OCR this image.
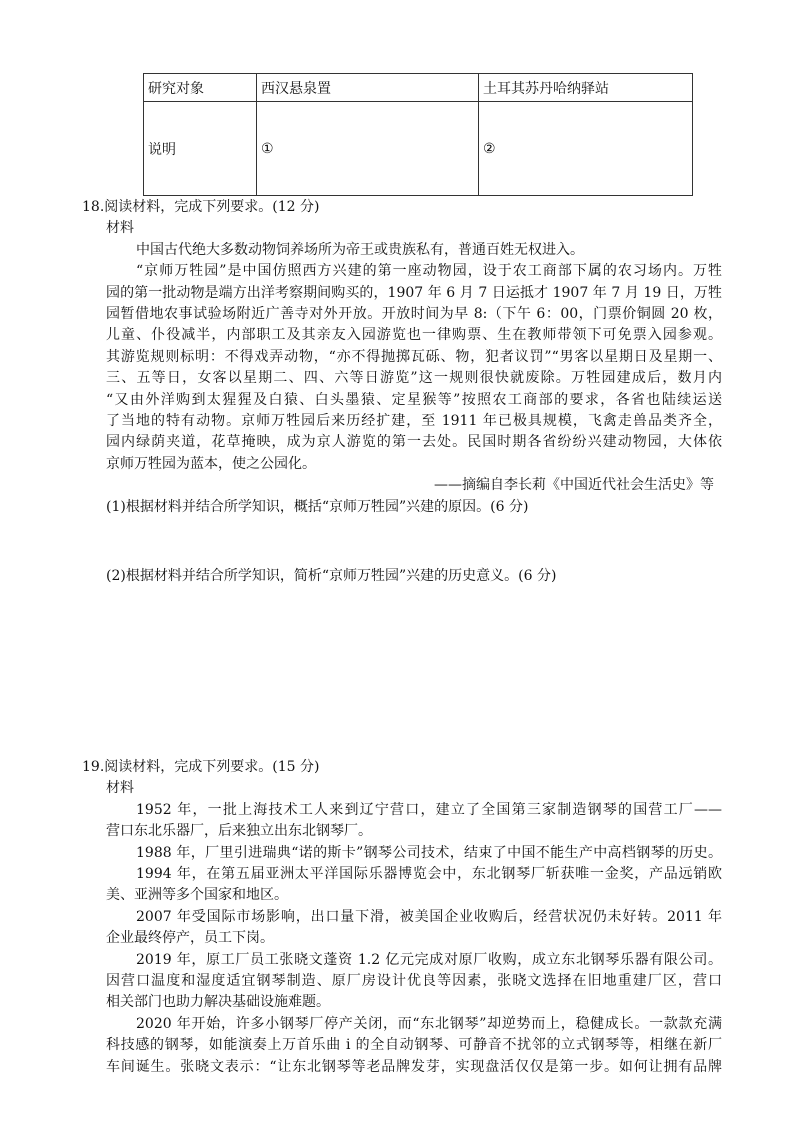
研究对象	西汉悬泉置	土耳其苏丹哈纳驿站
说明	①	②
18.阅读材料，完成下列要求。(12 分)
材料
中国古代绝大多数动物饲养场所为帝王或贵族私有，普通百姓无权进入。
“京师万牲园”是中国仿照西方兴建的第一座动物园，设于农工商部下属的农习场内。万牲
园的第一批动物是端方出洋考察期间购买的，1907 年 6 月 7 日运抵才 1907 年 7 月 19 日，万牲
园暂借地农事试验场附近广善寺对外开放。开放时间为早 8:（下午 6：00，门票价铜圆 20 枚，
儿童、仆役减半，内部职工及其亲友入园游览也一律购票、生在教师带领下可免票入园参观。
其游览规则标明：不得戏弄动物，“亦不得抛掷瓦砾、物，犯者议罚”“男客以星期日及星期一、
三、五等日，女客以星期二、四、六等日游览”这一规则很快就废除。万牲园建成后，数月内
“又由外洋购到太猩猩及白猿、白头墨猿、定星猴等”按照农工商部的要求，各省也陆续运送
了当地的特有动物。京师万牲园后来历经扩建，至 1911 年已极具规模，飞禽走兽品类齐全，
园内绿荫夹道，花草掩映，成为京人游览的第一去处。民国时期各省纷纷兴建动物园，大体依
京师万牲园为蓝本，使之公园化。
——摘编自李长莉《中国近代社会生活史》等
(1)根据材料并结合所学知识，概括“京师万牲园”兴建的原因。(6 分)
(2)根据材料并结合所学知识，简析“京师万牲园”兴建的历史意义。(6 分)
19.阅读材料，完成下列要求。(15 分)
材料
1952 年，一批上海技术工人来到辽宁营口，建立了全国第三家制造钢琴的国营工厂——
营口东北乐器厂，后来独立出东北钢琴厂。
1988 年，厂里引进瑞典“诺的斯卡”钢琴公司技术，结束了中国不能生产中高档钢琴的历史。
1994 年，在第五届亚洲太平洋国际乐器博览会中，东北钢琴厂斩获唯一金奖，产品远销欧
美、亚洲等多个国家和地区。
2007 年受国际市场影响，出口量下滑，被美国企业收购后，经营状况仍未好转。2011 年
企业最终停产，员工下岗。
2019 年，原工厂员工张晓文蓬资 1.2 亿元完成对原厂收购，成立东北钢琴乐器有限公司。
因营口温度和湿度适宜钢琴制造、原厂房设计优良等因素，张晓文选择在旧地重建厂区，营口
相关部门也助力解决基础设施难题。
2020 年开始，许多小钢琴厂停产关闭，而“东北钢琴”却逆势而上，稳健成长。一款款充满
科技感的钢琴，如能演奏上万首乐曲 i 的全自动钢琴、可静音不扰邻的立式钢琴等，相继在新厂
车间诞生。张晓文表示：“让东北钢琴等老品牌发芽，实现盘活仅仅是第一步。如何让拥有品牌
